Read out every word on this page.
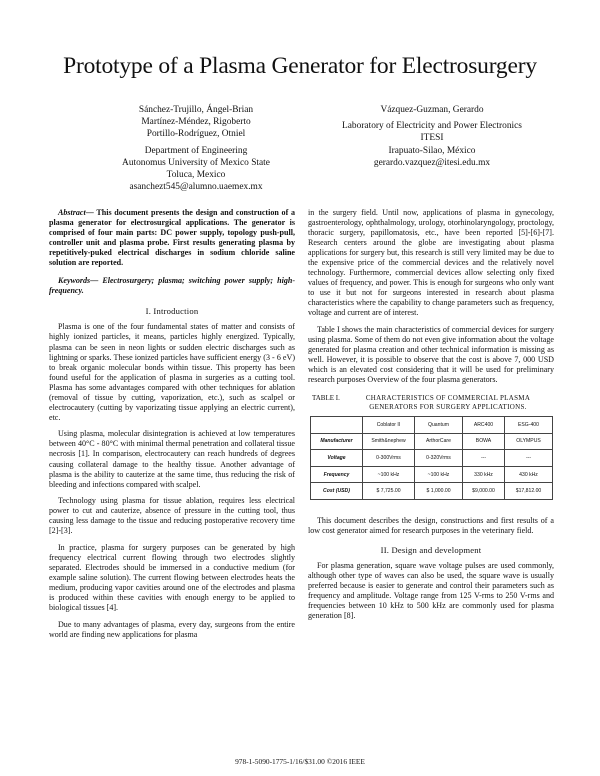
Prototype of a Plasma Generator for Electrosurgery
Sánchez-Trujillo, Ángel-Brian
Martínez-Méndez, Rigoberto
Portillo-Rodríguez, Otniel
Department of Engineering
Autonomus University of Mexico State
Toluca, Mexico
asanchezt545@alumno.uaemex.mx
Vázquez-Guzman, Gerardo
Laboratory of Electricity and Power Electronics
ITESI
Irapuato-Silao, México
gerardo.vazquez@itesi.edu.mx
Abstract— This document presents the design and construction of a plasma generator for electrosurgical applications. The generator is comprised of four main parts: DC power supply, topology push-pull, controller unit and plasma probe. First results generating plasma by repetitively-puked electrical discharges in sodium chloride saline solution are reported.
Keywords— Electrosurgery; plasma; switching power supply; high-frequency.
I. Introduction

Plasma is one of the four fundamental states of matter and consists of highly ionized particles, it means, particles highly energized. Typically, plasma can be seen in neon lights or sudden electric discharges such as lightning or sparks. These ionized particles have sufficient energy (3 - 6 eV) to break organic molecular bonds within tissue. This property has been found useful for the application of plasma in surgeries as a cutting tool. Plasma has some advantages compared with other techniques for ablation (removal of tissue by cutting, vaporization, etc.), such as scalpel or electrocautery (cutting by vaporizating tissue applying an electric current), etc.

Using plasma, molecular disintegration is achieved at low temperatures between 40°C - 80°C with minimal thermal penetration and collateral tissue necrosis [1]. In comparison, electrocautery can reach hundreds of degrees causing collateral damage to the healthy tissue. Another advantage of plasma is the ability to cauterize at the same time, thus reducing the risk of bleeding and infections compared with scalpel.

Technology using plasma for tissue ablation, requires less electrical power to cut and cauterize, absence of pressure in the cutting tool, thus causing less damage to the tissue and reducing postoperative recovery time [2]-[3].

In practice, plasma for surgery purposes can be generated by high frequency electrical current flowing through two electrodes slightly separated. Electrodes should be immersed in a conductive medium (for example saline solution). The current flowing between electrodes heats the medium, producing vapor cavities around one of the electrodes and plasma is produced within these cavities with enough energy to be applied to biological tissues [4].

Due to many advantages of plasma, every day, surgeons from the entire world are finding new applications for plasma

in the surgery field. Until now, applications of plasma in gynecology, gastroenterology, ophthalmology, urology, otorhinolaryngology, proctology, thoracic surgery, papillomatosis, etc., have been reported [5]-[6]-[7]. Research centers around the globe are investigating about plasma applications for surgery but, this research is still very limited may be due to the expensive price of the commercial devices and the relatively novel technology. Furthermore, commercial devices allow selecting only fixed values of frequency, and power. This is enough for surgeons who only want to use it but not for surgeons interested in research about plasma characteristics where the capability to change parameters such as frequency, voltage and current are of interest.

Table I shows the main characteristics of commercial devices for surgery using plasma. Some of them do not even give information about the voltage generated for plasma creation and other technical information is missing as well. However, it is possible to observe that the cost is above 7, 000 USD which is an elevated cost considering that it will be used for preliminary research purposes Overview of the four plasma generators.

TABLE I.	CHARACTERISTICS OF COMMERCIAL PLASMA GENERATORS FOR SURGERY APPLICATIONS.
	Coblator II	Quantum	ARC400	ESG-400
Manufacturer	Smith&nephew	ArthorCare	BOWA	OLYMPUS
Voltage	0-300Vrms	0-320Vrms	---	---
Frequency	~100 kHz	~100 kHz	330 kHz	430 kHz
Cost (USD)	$ 7,725.00	$ 1,000.00	$9,000.00	$17,812.00

This document describes the design, constructions and first results of a low cost generator aimed for research purposes in the veterinary field.

II. Design and development

For plasma generation, square wave voltage pulses are used commonly, although other type of waves can also be used, the square wave is usually preferred because is easier to generate and control their parameters such as frequency and amplitude. Voltage range from 125 V-rms to 250 V-rms and frequencies between 10 kHz to 500 kHz are commonly used for plasma generation [8].

978-1-5090-1775-1/16/$31.00 ©2016 IEEE
